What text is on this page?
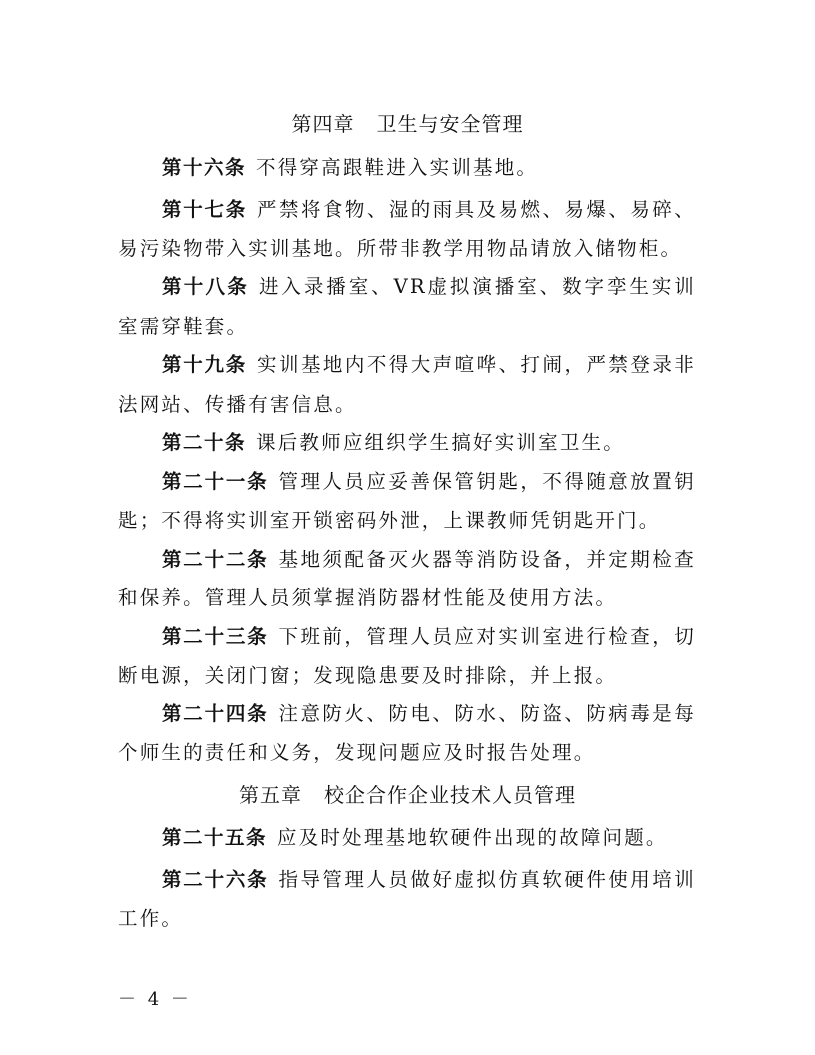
第四章 卫生与安全管理
第十六条 不得穿高跟鞋进入实训基地。
第十七条 严禁将食物、湿的雨具及易燃、易爆、易碎、
易污染物带入实训基地。所带非教学用物品请放入储物柜。
第十八条 进入录播室、VR虚拟演播室、数字孪生实训
室需穿鞋套。
第十九条 实训基地内不得大声喧哗、打闹，严禁登录非
法网站、传播有害信息。
第二十条 课后教师应组织学生搞好实训室卫生。
第二十一条 管理人员应妥善保管钥匙，不得随意放置钥
匙；不得将实训室开锁密码外泄，上课教师凭钥匙开门。
第二十二条 基地须配备灭火器等消防设备，并定期检查
和保养。管理人员须掌握消防器材性能及使用方法。
第二十三条 下班前，管理人员应对实训室进行检查，切
断电源，关闭门窗；发现隐患要及时排除，并上报。
第二十四条 注意防火、防电、防水、防盗、防病毒是每
个师生的责任和义务，发现问题应及时报告处理。
第五章 校企合作企业技术人员管理
第二十五条 应及时处理基地软硬件出现的故障问题。
第二十六条 指导管理人员做好虚拟仿真软硬件使用培训
工作。
－ 4 －
